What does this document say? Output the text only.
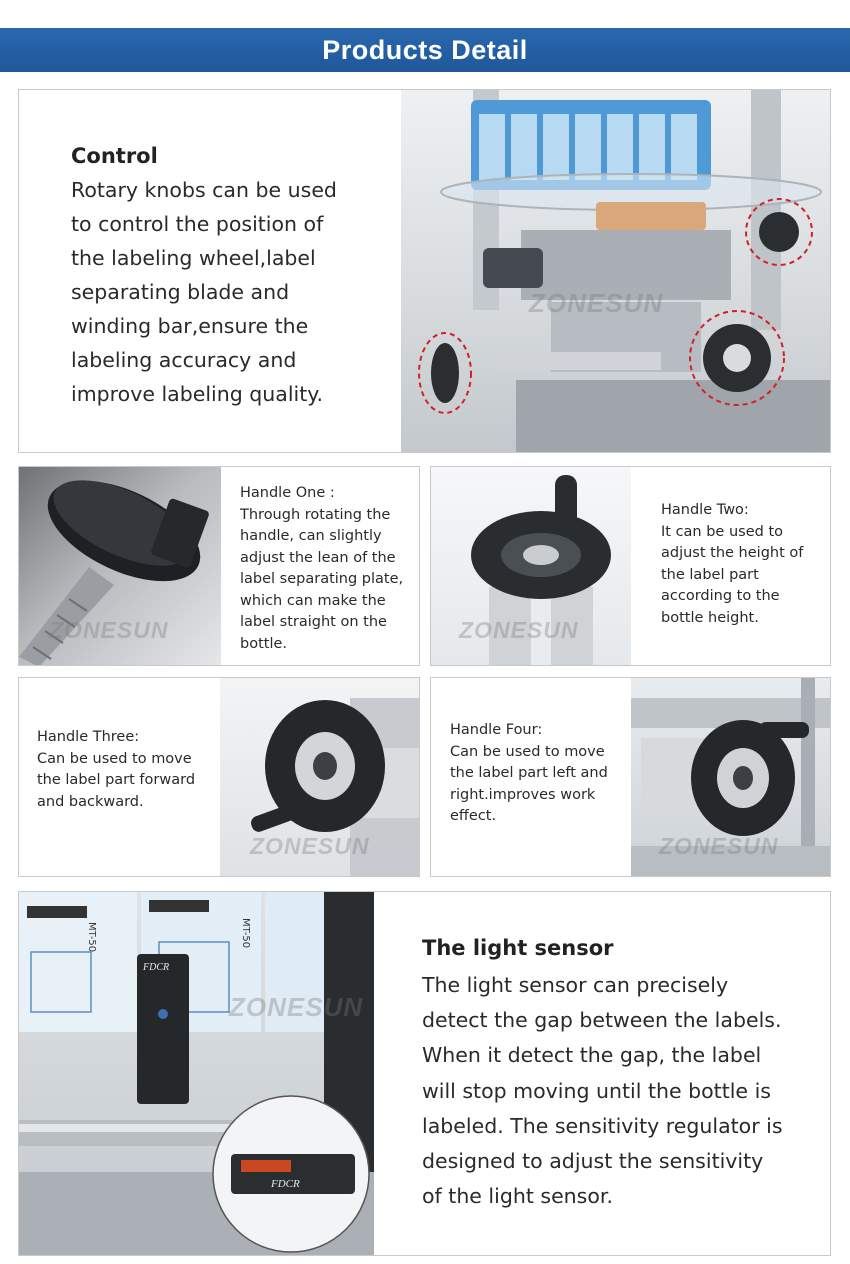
Products Detail
Control
Rotary knobs can be used
to control the position of
the labeling wheel,label
separating blade and
winding bar,ensure the
labeling accuracy and
improve labeling quality.
ZONESUN
ZONESUN
Handle One :
Through rotating the
handle, can slightly
adjust the lean of the
label separating plate,
which can make the
label straight on the
bottle.
ZONESUN
Handle Two:
It can be used to
adjust the height of
the label part
according to the
bottle height.
Handle Three:
Can be used to move
the label part forward
and backward.
ZONESUN
Handle Four:
Can be used to move
the label part left and
right.improves work
effect.
ZONESUN
FDCR
FDCR
MT-50	MT-50
ZONESUN
The light sensor
The light sensor can precisely
detect the gap between the labels.
When it detect the gap, the label
will stop moving until the bottle is
labeled. The sensitivity regulator is
designed to adjust the sensitivity
of the light sensor.
